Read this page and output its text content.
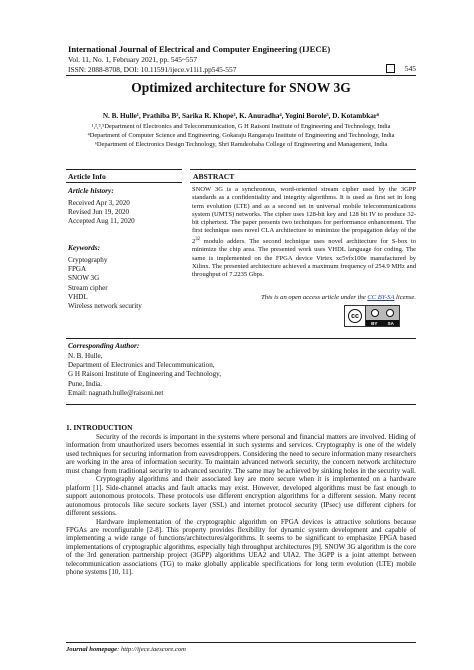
International Journal of Electrical and Computer Engineering (IJECE)
Vol. 11, No. 1, February 2021, pp. 545~557
ISSN: 2088-8708, DOI: 10.11591/ijece.v11i1.pp545-557	545
Optimized architecture for SNOW 3G
N. B. Hulle¹, Prathiba B², Sarika R. Khope³, K. Anuradha⁴, Yogini Borole⁵, D. Kotambkar⁶
¹,²,³,⁵Department of Electronics and Telecommunication, G H Raisoni Institute of Engineering and Technology, India
⁴Department of Computer Science and Engineering, Gokaraju Rangaraju Institute of Engineering and Technology, India
⁶Department of Electronics Design Technology, Shri Ramdeobaba College of Engineering and Management, India
Article Info	ABSTRACT
Article history:
Received Apr 3, 2020
Revised Jun 19, 2020
Accepted Aug 11, 2020
Keywords:
Cryptography
FPGA
SNOW 3G
Stream cipher
VHDL
Wireless network security
SNOW 3G is a synchronous, word-oriented stream cipher used by the 3GPP standards as a confidentiality and integrity algorithms. It is used as first set in long term evolution (LTE) and as a second set in universal mobile telecommunications system (UMTS) networks. The cipher uses 128-bit key and 128 bit IV to produce 32-bit ciphertext. The paper presents two techniques for performance enhancement. The first technique uses novel CLA architecture to minimize the propagation delay of the $2^{32}$ modulo adders. The second technique uses novel architecture for S-box to minimize the chip area. The presented work uses VHDL language for coding. The same is implemented on the FPGA device Virtex xc5vfx100e manufactured by Xilinx. The presented architecture achieved a maximum frequency of 254.9 MHz and throughput of 7.2235 Gbps.
This is an open access article under the CC BY-SA license.
cc
BY SA
Corresponding Author:
N. B. Hulle,
Department of Electronics and Telecommunication,
G H Raisoni Institute of Engineering and Technology,
Pune, India.
Email: nagnath.hulle@raisoni.net
1. INTRODUCTION

Security of the records is important in the systems where personal and financial matters are involved. Hiding of information from unauthorized users becomes essential in such systems and services. Cryptography is one of the widely used techniques for securing information from eavesdroppers. Considering the need to secure information many researchers are working in the area of information security. To maintain advanced network security, the concern network architecture must change from traditional security to advanced security. The same may be achieved by sinking holes in the security wall.

Cryptography algorithms and their associated key are more secure when it is implemented on a hardware platform [1]. Side-channel attacks and fault attacks may exist. However, developed algorithms must be fast enough to support autonomous protocols. These protocols use different encryption algorithms for a different session. Many recent autonomous protocols like secure sockets layer (SSL) and internet protocol security (IPsec) use different ciphers for different sessions.

Hardware implementation of the cryptographic algorithm on FPGA devices is attractive solutions because FPGAs are reconfigurable [2-8]. This property provides flexibility for dynamic system development and capable of implementing a wide range of functions/architectures/algorithms. It seems to be significant to emphasize FPGA based implementations of cryptographic algorithms, especially high throughput architectures [9]. SNOW 3G algorithm is the core of the 3rd generation partnership project (3GPP) algorithms UEA2 and UIA2. The 3GPP is a joint attempt between telecommunication associations (TG) to make globally applicable specifications for long term evolution (LTE) mobile phone systems [10, 11].

Journal homepage: http://ijece.iaescore.com
